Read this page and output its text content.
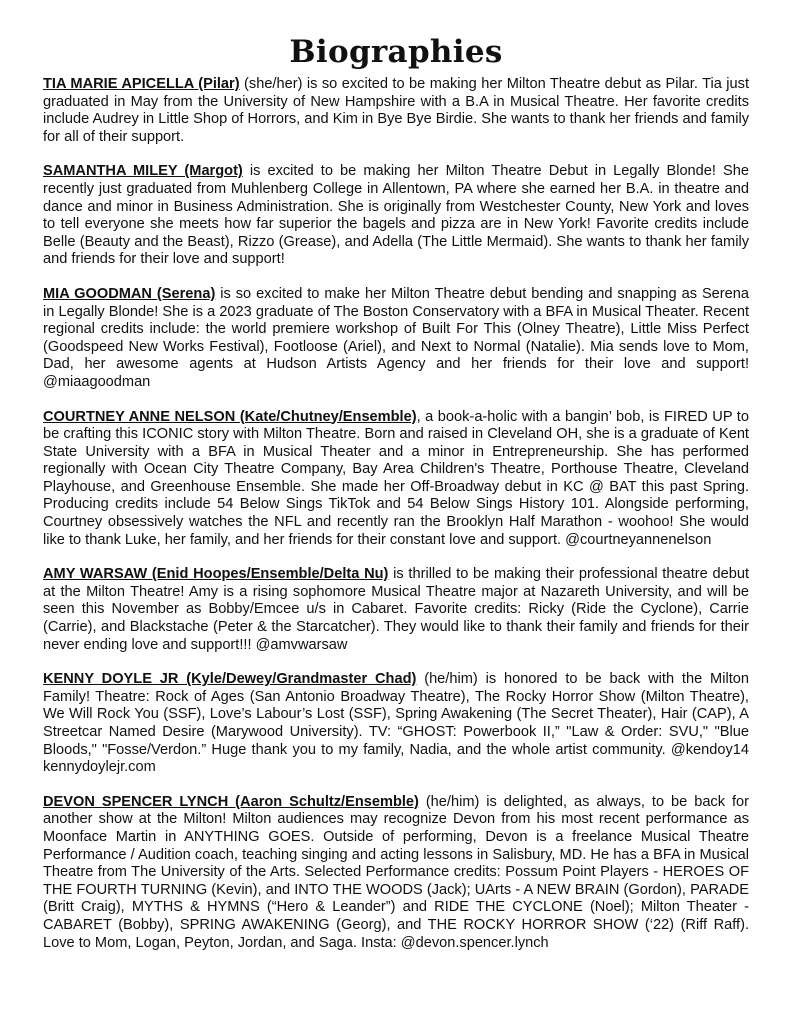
Biographies

TIA MARIE APICELLA (Pilar) (she/her) is so excited to be making her Milton Theatre debut as Pilar. Tia just graduated in May from the University of New Hampshire with a B.A in Musical Theatre. Her favorite credits include Audrey in Little Shop of Horrors, and Kim in Bye Bye Birdie. She wants to thank her friends and family for all of their support.

SAMANTHA MILEY (Margot) is excited to be making her Milton Theatre Debut in Legally Blonde! She recently just graduated from Muhlenberg College in Allentown, PA where she earned her B.A. in theatre and dance and minor in Business Administration. She is originally from Westchester County, New York and loves to tell everyone she meets how far superior the bagels and pizza are in New York! Favorite credits include Belle (Beauty and the Beast), Rizzo (Grease), and Adella (The Little Mermaid). She wants to thank her family and friends for their love and support!

MIA GOODMAN (Serena) is so excited to make her Milton Theatre debut bending and snapping as Serena in Legally Blonde! She is a 2023 graduate of The Boston Conservatory with a BFA in Musical Theater. Recent regional credits include: the world premiere workshop of Built For This (Olney Theatre), Little Miss Perfect (Goodspeed New Works Festival), Footloose (Ariel), and Next to Normal (Natalie). Mia sends love to Mom, Dad, her awesome agents at Hudson Artists Agency and her friends for their love and support! @miaagoodman

COURTNEY ANNE NELSON (Kate/Chutney/Ensemble), a book-a-holic with a bangin’ bob, is FIRED UP to be crafting this ICONIC story with Milton Theatre. Born and raised in Cleveland OH, she is a graduate of Kent State University with a BFA in Musical Theater and a minor in Entrepreneurship. She has performed regionally with Ocean City Theatre Company, Bay Area Children's Theatre, Porthouse Theatre, Cleveland Playhouse, and Greenhouse Ensemble. She made her Off-Broadway debut in KC @ BAT this past Spring. Producing credits include 54 Below Sings TikTok and 54 Below Sings History 101. Alongside performing, Courtney obsessively watches the NFL and recently ran the Brooklyn Half Marathon - woohoo! She would like to thank Luke, her family, and her friends for their constant love and support. @courtneyannenelson

AMY WARSAW (Enid Hoopes/Ensemble/Delta Nu) is thrilled to be making their professional theatre debut at the Milton Theatre! Amy is a rising sophomore Musical Theatre major at Nazareth University, and will be seen this November as Bobby/Emcee u/s in Cabaret. Favorite credits: Ricky (Ride the Cyclone), Carrie (Carrie), and Blackstache (Peter & the Starcatcher). They would like to thank their family and friends for their never ending love and support!!! @amvwarsaw

KENNY DOYLE JR (Kyle/Dewey/Grandmaster Chad) (he/him) is honored to be back with the Milton Family! Theatre: Rock of Ages (San Antonio Broadway Theatre), The Rocky Horror Show (Milton Theatre), We Will Rock You (SSF), Love’s Labour’s Lost (SSF), Spring Awakening (The Secret Theater), Hair (CAP), A Streetcar Named Desire (Marywood University). TV: “GHOST: Powerbook II,” "Law & Order: SVU," "Blue Bloods," "Fosse/Verdon.” Huge thank you to my family, Nadia, and the whole artist community. @kendoy14 kennydoylejr.com

DEVON SPENCER LYNCH (Aaron Schultz/Ensemble) (he/him) is delighted, as always, to be back for another show at the Milton! Milton audiences may recognize Devon from his most recent performance as Moonface Martin in ANYTHING GOES. Outside of performing, Devon is a freelance Musical Theatre Performance / Audition coach, teaching singing and acting lessons in Salisbury, MD. He has a BFA in Musical Theatre from The University of the Arts. Selected Performance credits: Possum Point Players - HEROES OF THE FOURTH TURNING (Kevin), and INTO THE WOODS (Jack); UArts - A NEW BRAIN (Gordon), PARADE (Britt Craig), MYTHS & HYMNS (“Hero & Leander”) and RIDE THE CYCLONE (Noel); Milton Theater - CABARET (Bobby), SPRING AWAKENING (Georg), and THE ROCKY HORROR SHOW (‘22) (Riff Raff). Love to Mom, Logan, Peyton, Jordan, and Saga. Insta: @devon.spencer.lynch
